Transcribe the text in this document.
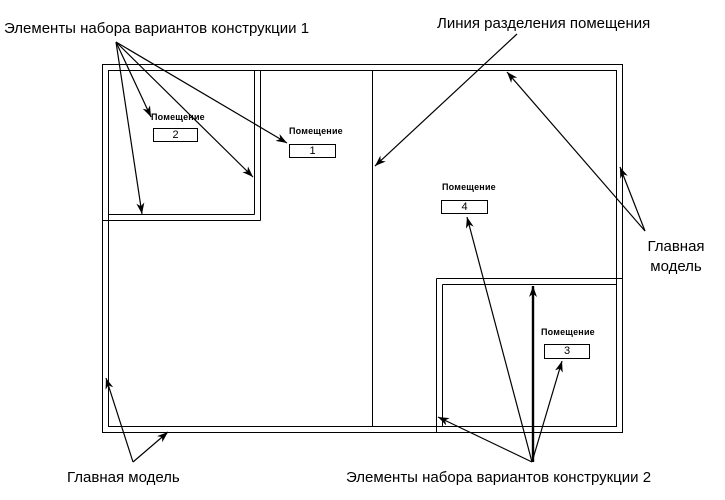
Элементы набора вариантов конструкции 1	Линия разделения помещения
Главная
модель
Главная модель	Элементы набора вариантов конструкции 2
Помещение
2	Помещение
1
Помещение
4
Помещение
3
